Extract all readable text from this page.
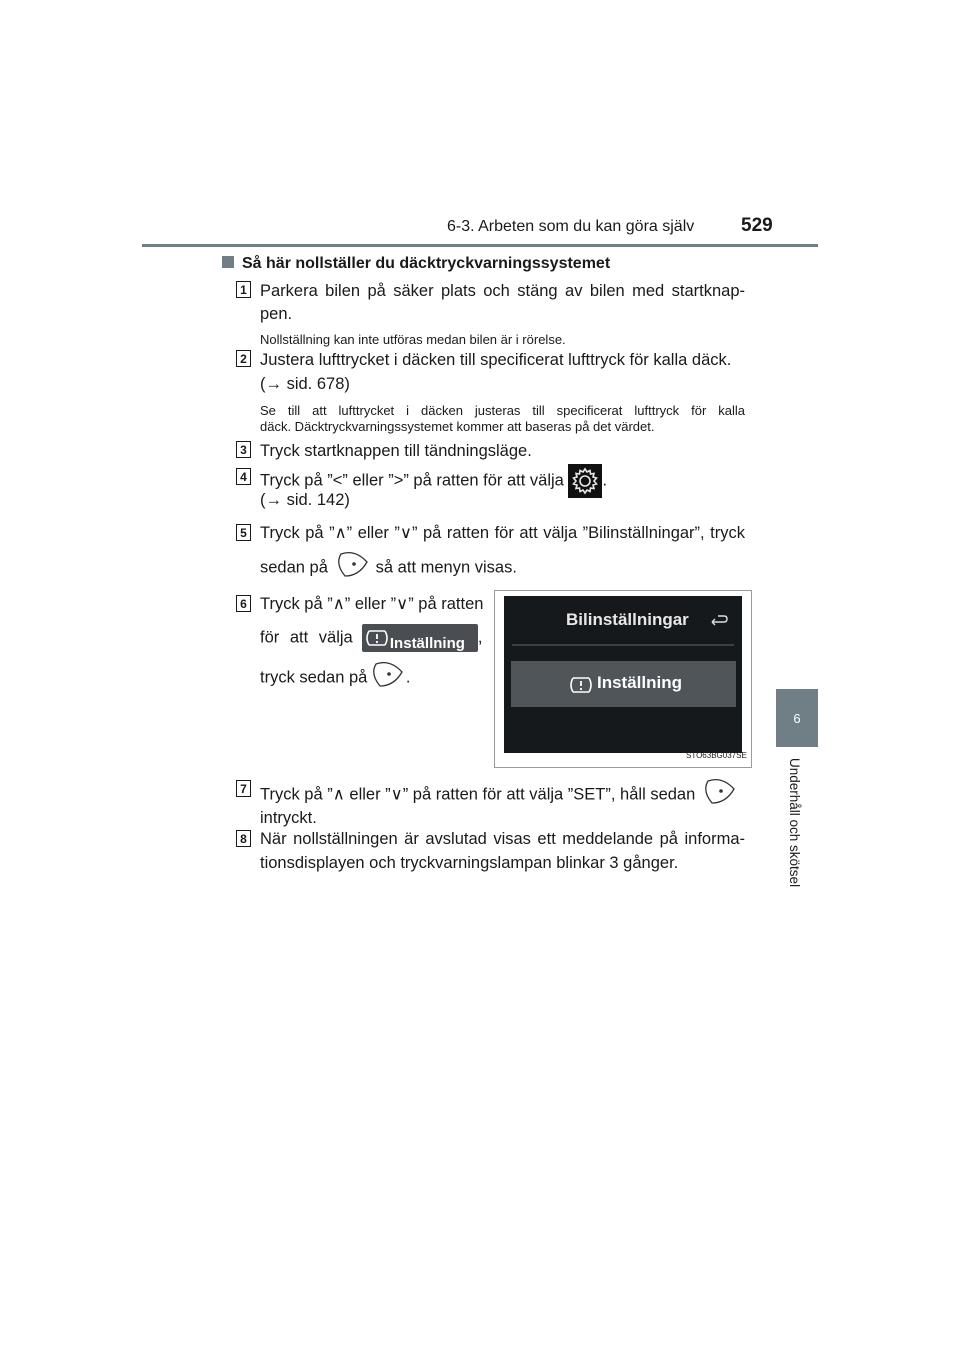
6-3. Arbeten som du kan göra själv 529
6
Underhåll och skötsel
Så här nollställer du däcktryckvarningssystemet
1 Parkera bilen på säker plats och stäng av bilen med startknap-
pen.
Nollställning kan inte utföras medan bilen är i rörelse.
2 Justera lufttrycket i däcken till specificerat lufttryck för kalla däck.
(→ sid. 678)
Se till att lufttrycket i däcken justeras till specificerat lufttryck för kalla
däck. Däcktryckvarningssystemet kommer att baseras på det värdet.
3 Tryck startknappen till tändningsläge.
4 Tryck på ”<” eller ”>” på ratten för att välja .
(→ sid. 142)
5 Tryck på ”∧” eller ”∨” på ratten för att välja ”Bilinställningar”, tryck
sedan på	så att menyn visas.
6 Tryck på ”∧” eller ”∨” på ratten
för att välja Inställning ,
tryck sedan på .
Bilinställningar
Inställning
STO63BG037SE
7 Tryck på ”∧ eller ”∨” på ratten för att välja ”SET”, håll sedan
intryckt.
8 När nollställningen är avslutad visas ett meddelande på informa-
tionsdisplayen och tryckvarningslampan blinkar 3 gånger.
